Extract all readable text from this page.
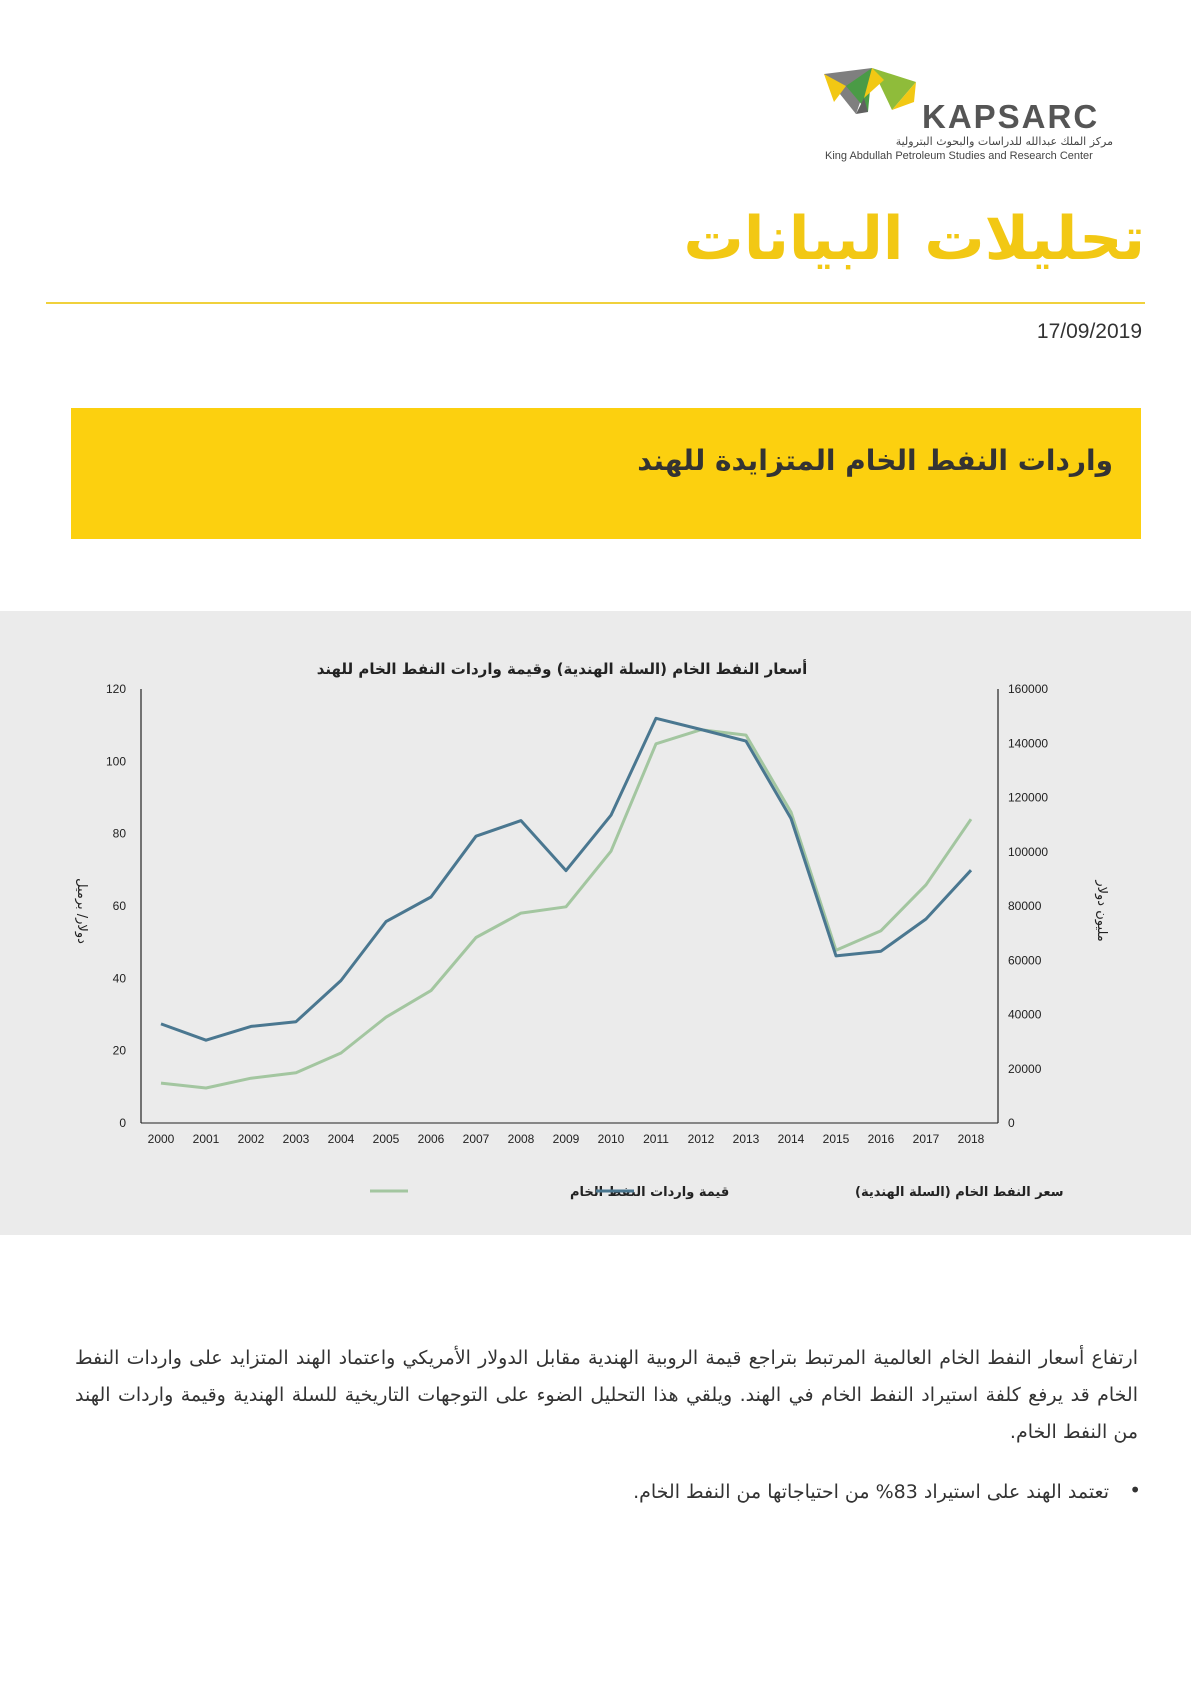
KAPSARC
مركز الملك عبدالله للدراسات والبحوث البترولية
King Abdullah Petroleum Studies and Research Center
تحليلات البيانات
17/09/2019
واردات النفط الخام المتزايدة للهند
أسعار النفط الخام (السلة الهندية) وقيمة واردات النفط الخام للهند
0
20
40
60
80
100
120
0
20000
40000
60000
80000
100000
120000
140000
160000
2000 2001 2002 2003 2004 2005 2006 2007 2008 2009 2010 2011 2012 2013 2014 2015 2016 2017 2018
دولار/ برميل	مليون دولار
قيمة واردات النفط الخام	سعر النفط الخام (السلة الهندية)

ارتفاع أسعار النفط الخام العالمية المرتبط بتراجع قيمة الروبية الهندية مقابل الدولار الأمريكي واعتماد الهند المتزايد على واردات النفط الخام قد يرفع كلفة استيراد النفط الخام في الهند. ويلقي هذا التحليل الضوء على التوجهات التاريخية للسلة الهندية وقيمة واردات الهند من النفط الخام.

•
تعتمد الهند على استيراد 83% من احتياجاتها من النفط الخام.
